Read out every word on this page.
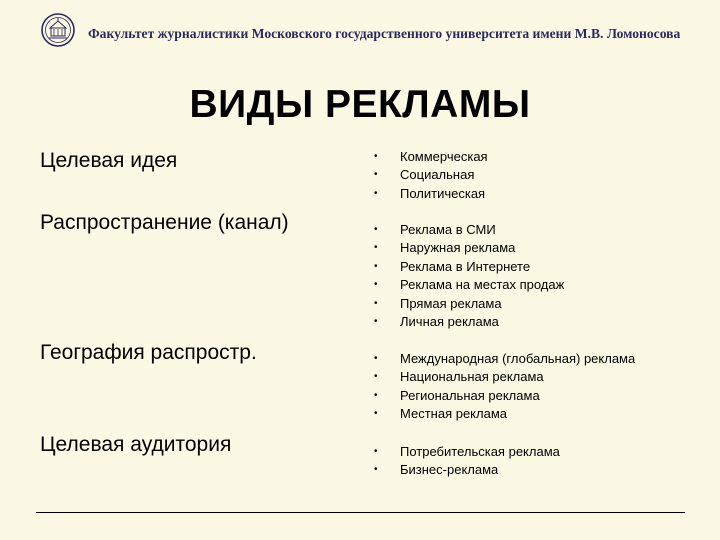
Факультет журналистики Московского государственного университета имени М.В. Ломоносова
ВИДЫ РЕКЛАМЫ
Целевая идея	• Коммерческая
• Социальная
• Политическая
Распространение (канал)	• Реклама в СМИ
• Наружная реклама
• Реклама в Интернете
• Реклама на местах продаж
• Прямая реклама
• Личная реклама
География распростр.	• Международная (глобальная) реклама
• Национальная реклама
• Региональная реклама
• Местная реклама
Целевая аудитория	• Потребительская реклама
• Бизнес-реклама
